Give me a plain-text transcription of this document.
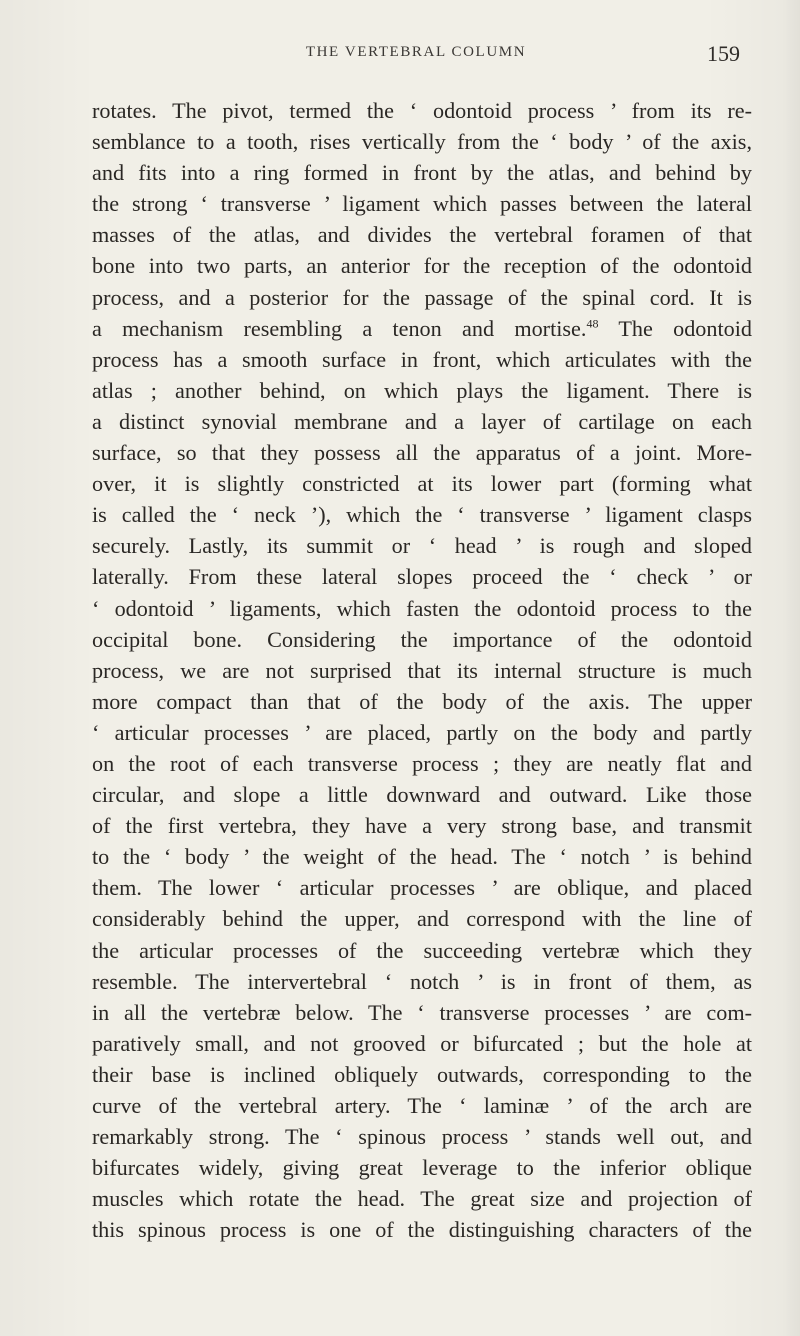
THE VERTEBRAL COLUMN	159
rotates. The pivot, termed the ‘ odontoid process ’ from its re-
semblance to a tooth, rises vertically from the ‘ body ’ of the axis,
and fits into a ring formed in front by the atlas, and behind by
the strong ‘ transverse ’ ligament which passes between the lateral
masses of the atlas, and divides the vertebral foramen of that
bone into two parts, an anterior for the reception of the odontoid
process, and a posterior for the passage of the spinal cord. It is
a mechanism resembling a tenon and mortise.$^{48}$ The odontoid
process has a smooth surface in front, which articulates with the
atlas ; another behind, on which plays the ligament. There is
a distinct synovial membrane and a layer of cartilage on each
surface, so that they possess all the apparatus of a joint. More-
over, it is slightly constricted at its lower part (forming what
is called the ‘ neck ’), which the ‘ transverse ’ ligament clasps
securely. Lastly, its summit or ‘ head ’ is rough and sloped
laterally. From these lateral slopes proceed the ‘ check ’ or
‘ odontoid ’ ligaments, which fasten the odontoid process to the
occipital bone. Considering the importance of the odontoid
process, we are not surprised that its internal structure is much
more compact than that of the body of the axis. The upper
‘ articular processes ’ are placed, partly on the body and partly
on the root of each transverse process ; they are neatly flat and
circular, and slope a little downward and outward. Like those
of the first vertebra, they have a very strong base, and transmit
to the ‘ body ’ the weight of the head. The ‘ notch ’ is behind
them. The lower ‘ articular processes ’ are oblique, and placed
considerably behind the upper, and correspond with the line of
the articular processes of the succeeding vertebræ which they
resemble. The intervertebral ‘ notch ’ is in front of them, as
in all the vertebræ below. The ‘ transverse processes ’ are com-
paratively small, and not grooved or bifurcated ; but the hole at
their base is inclined obliquely outwards, corresponding to the
curve of the vertebral artery. The ‘ laminæ ’ of the arch are
remarkably strong. The ‘ spinous process ’ stands well out, and
bifurcates widely, giving great leverage to the inferior oblique
muscles which rotate the head. The great size and projection of
this spinous process is one of the distinguishing characters of the
